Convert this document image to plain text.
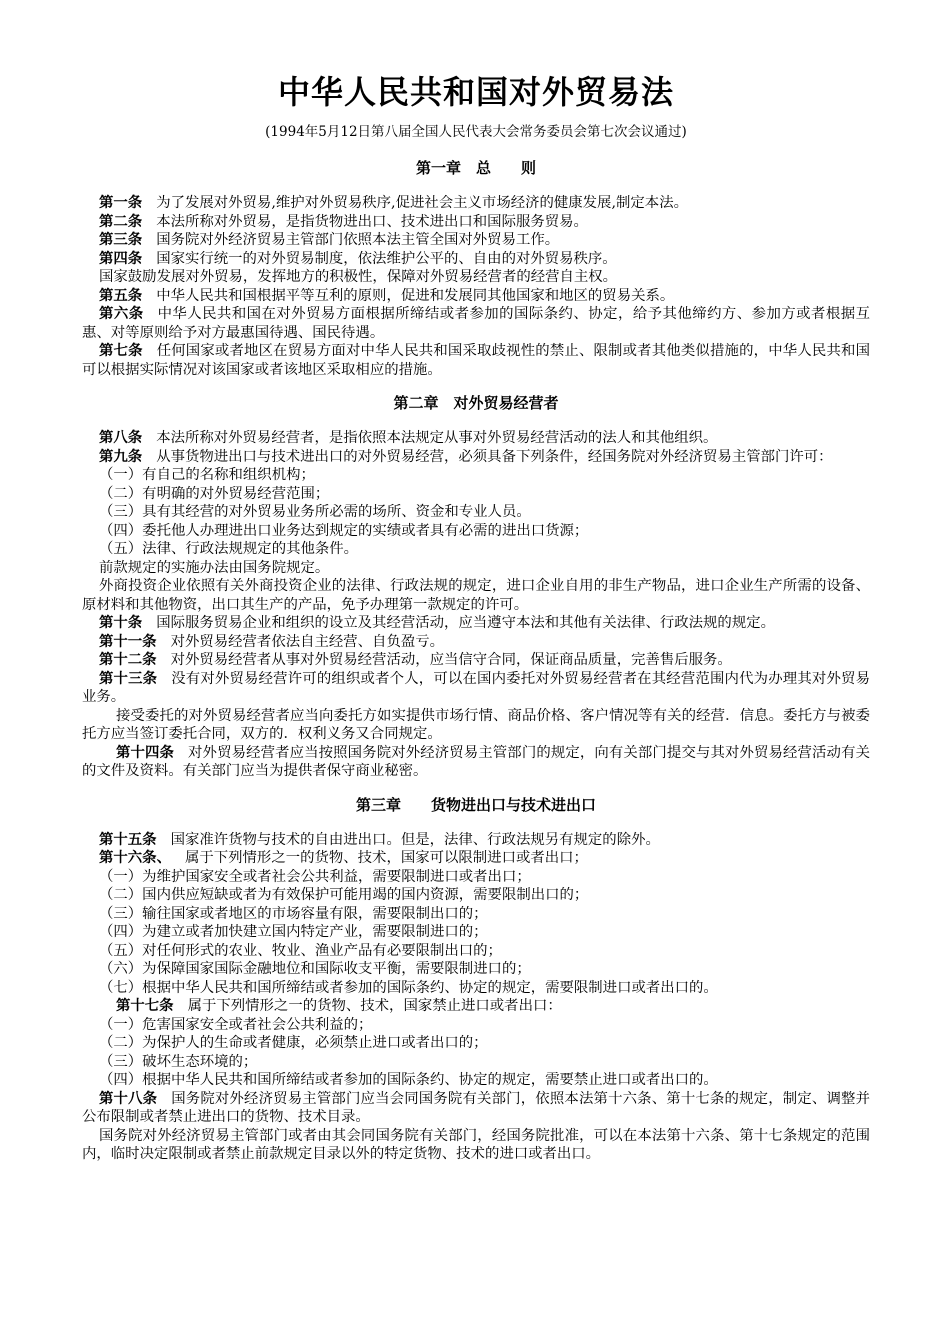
中华人民共和国对外贸易法

(1994年5月12日第八届全国人民代表大会常务委员会第七次会议通过)

第一章　总　　则

第一条 为了发展对外贸易,维护对外贸易秩序,促进社会主义市场经济的健康发展,制定本法。

第二条 本法所称对外贸易，是指货物进出口、技术进出口和国际服务贸易。

第三条 国务院对外经济贸易主管部门依照本法主管全国对外贸易工作。

第四条 国家实行统一的对外贸易制度，依法维护公平的、自由的对外贸易秩序。

国家鼓励发展对外贸易，发挥地方的积极性，保障对外贸易经营者的经营自主权。

第五条 中华人民共和国根据平等互利的原则，促进和发展同其他国家和地区的贸易关系。

第六条 中华人民共和国在对外贸易方面根据所缔结或者参加的国际条约、协定，给予其他缔约方、参加方或者根据互惠、对等原则给予对方最惠国待遇、国民待遇。

第七条 任何国家或者地区在贸易方面对中华人民共和国采取歧视性的禁止、限制或者其他类似措施的，中华人民共和国可以根据实际情况对该国家或者该地区采取相应的措施。

第二章　对外贸易经营者

第八条 本法所称对外贸易经营者，是指依照本法规定从事对外贸易经营活动的法人和其他组织。

第九条 从事货物进出口与技术进出口的对外贸易经营，必须具备下列条件，经国务院对外经济贸易主管部门许可：

（一）有自己的名称和组织机构；

（二）有明确的对外贸易经营范围；

（三）具有其经营的对外贸易业务所必需的场所、资金和专业人员。

（四）委托他人办理进出口业务达到规定的实绩或者具有必需的进出口货源；

（五）法律、行政法规规定的其他条件。

前款规定的实施办法由国务院规定。

外商投资企业依照有关外商投资企业的法律、行政法规的规定，进口企业自用的非生产物品，进口企业生产所需的设备、原材料和其他物资，出口其生产的产品，免予办理第一款规定的许可。

第十条 国际服务贸易企业和组织的设立及其经营活动，应当遵守本法和其他有关法律、行政法规的规定。

第十一条 对外贸易经营者依法自主经营、自负盈亏。

第十二条 对外贸易经营者从事对外贸易经营活动，应当信守合同，保证商品质量，完善售后服务。

第十三条 没有对外贸易经营许可的组织或者个人，可以在国内委托对外贸易经营者在其经营范围内代为办理其对外贸易业务。

接受委托的对外贸易经营者应当向委托方如实提供市场行情、商品价格、客户情况等有关的经营．信息。委托方与被委托方应当签订委托合同，双方的．权利义务又合同规定。

第十四条 对外贸易经营者应当按照国务院对外经济贸易主管部门的规定，向有关部门提交与其对外贸易经营活动有关的文件及资料。有关部门应当为提供者保守商业秘密。

第三章　　货物进出口与技术进出口

第十五条 国家准许货物与技术的自由进出口。但是，法律、行政法规另有规定的除外。

第十六条、 属于下列情形之一的货物、技术，国家可以限制进口或者出口；

（一）为维护国家安全或者社会公共利益，需要限制进口或者出口；

（二）国内供应短缺或者为有效保护可能用竭的国内资源，需要限制出口的；

（三）输往国家或者地区的市场容量有限，需要限制出口的；

（四）为建立或者加快建立国内特定产业，需要限制进口的；

（五）对任何形式的农业、牧业、渔业产品有必要限制出口的；

（六）为保障国家国际金融地位和国际收支平衡，需要限制进口的；

（七）根据中华人民共和国所缔结或者参加的国际条约、协定的规定，需要限制进口或者出口的。

第十七条 属于下列情形之一的货物、技术，国家禁止进口或者出口：

（一）危害国家安全或者社会公共利益的；

（二）为保护人的生命或者健康，必须禁止进口或者出口的；

（三）破坏生态环境的；

（四）根据中华人民共和国所缔结或者参加的国际条约、协定的规定，需要禁止进口或者出口的。

第十八条 国务院对外经济贸易主管部门应当会同国务院有关部门，依照本法第十六条、第十七条的规定，制定、调整并公布限制或者禁止进出口的货物、技术目录。

国务院对外经济贸易主管部门或者由其会同国务院有关部门，经国务院批准，可以在本法第十六条、第十七条规定的范围内，临时决定限制或者禁止前款规定目录以外的特定货物、技术的进口或者出口。
